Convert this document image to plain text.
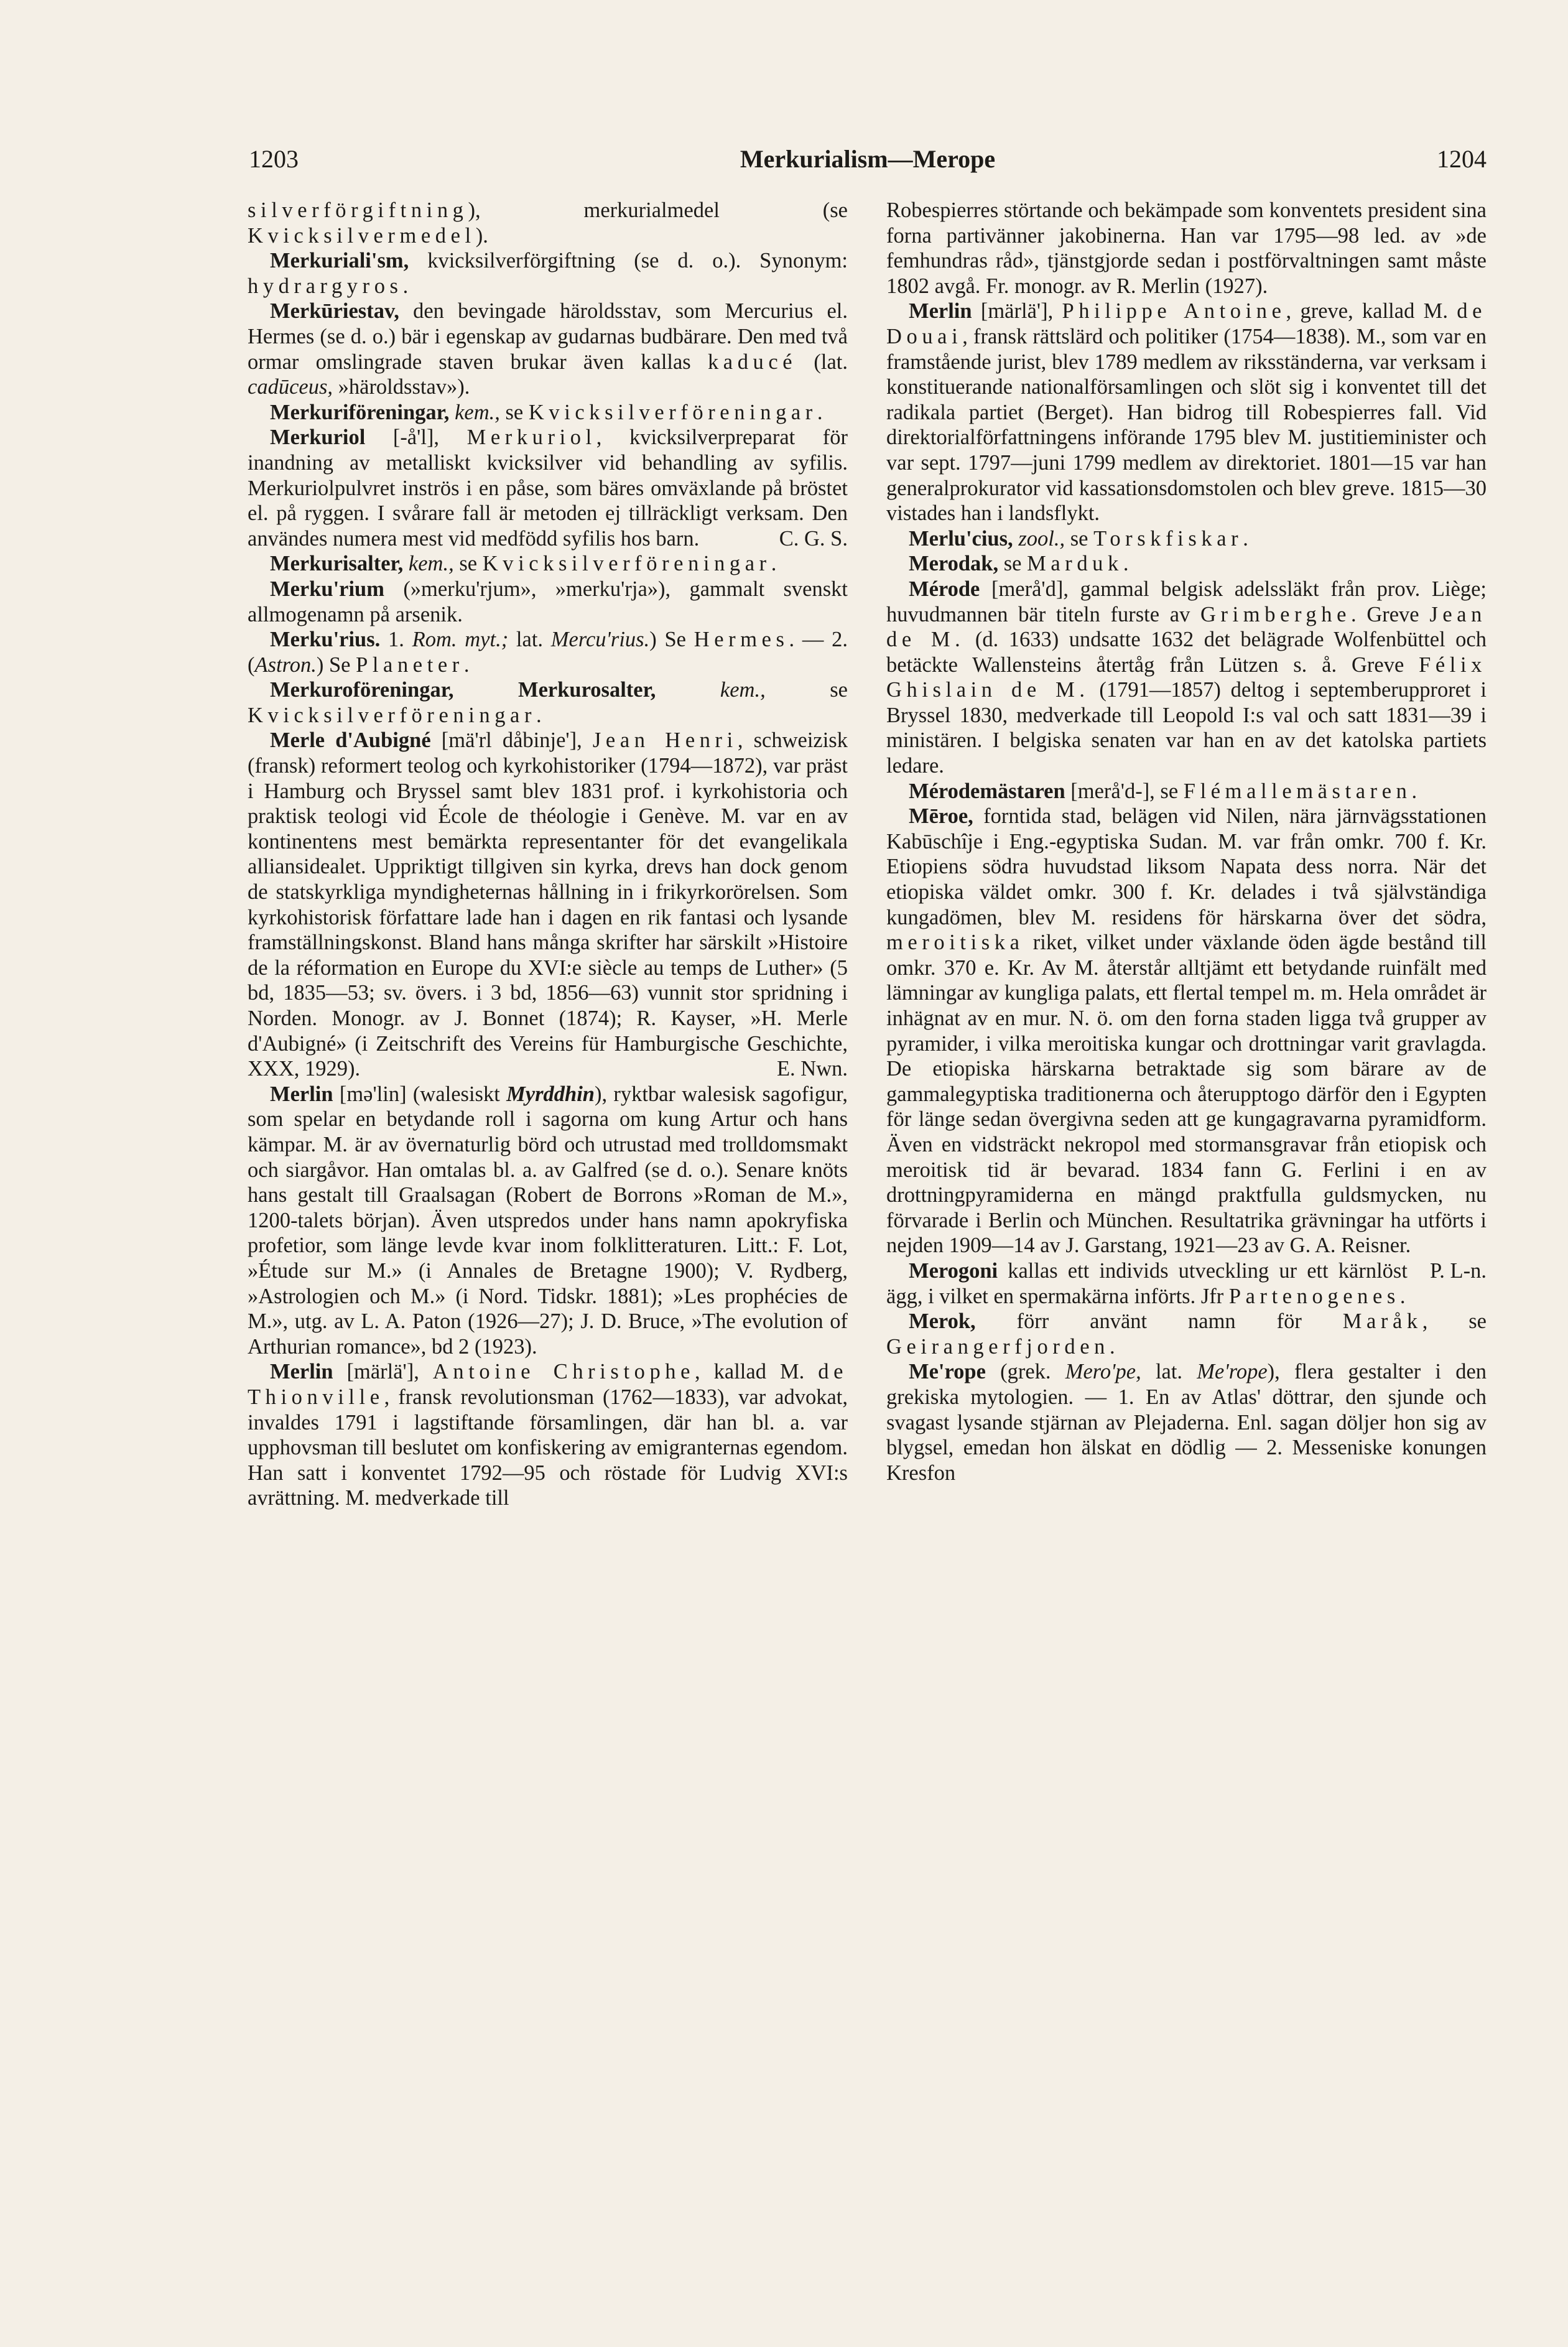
1203	Merkurialism—Merope	1204

silverförgiftning), merkurialmedel (se Kvicksilvermedel).

Merkuriali'sm, kvicksilverförgiftning (se d. o.). Synonym: hydrargyros.

Merkūriestav, den bevingade häroldsstav, som Mercurius el. Hermes (se d. o.) bär i egenskap av gudarnas budbärare. Den med två ormar omslingrade staven brukar även kallas kaducé (lat. cadūceus, »häroldsstav»).

Merkuriföreningar, kem., se Kvicksilverföreningar.

Merkuriol [-å'l], Merkuriol, kvicksilverpreparat för inandning av metalliskt kvicksilver vid behandling av syfilis. Merkuriolpulvret inströs i en påse, som bäres omväxlande på bröstet el. på ryggen. I svårare fall är metoden ej tillräckligt verksam. Den användes numera mest vid medfödd syfilis hos barn.	C. G. S.

Merkurisalter, kem., se Kvicksilverföreningar.

Merku'rium (»merku'rjum», »merku'rja»), gammalt svenskt allmogenamn på arsenik.

Merku'rius. 1. Rom. myt.; lat. Mercu'rius.) Se Hermes. — 2. (Astron.) Se Planeter.

Merkuroföreningar, Merkurosalter,	kem., se Kvicksilverföreningar.

Merle d'Aubigné [mä'rl dåbinje'], Jean Henri, schweizisk (fransk) reformert teolog och kyrkohistoriker (1794—1872), var präst i Hamburg och Bryssel samt blev 1831 prof. i kyrkohistoria och praktisk teologi vid École de théologie i Genève. M. var en av kontinentens mest bemärkta representanter för det evangelikala alliansidealet. Uppriktigt tillgiven sin kyrka, drevs han dock genom de statskyrkliga myndigheternas hållning in i frikyrkorörelsen. Som kyrkohistorisk författare lade han i dagen en rik fantasi och lysande framställningskonst. Bland hans många skrifter har särskilt »Histoire de la réformation en Europe du XVI:e siècle au temps de Luther» (5 bd, 1835—53; sv. övers. i 3 bd, 1856—63) vunnit stor spridning i Norden. Monogr. av J. Bonnet (1874); R. Kayser, »H. Merle d'Aubigné» (i Zeitschrift des Vereins für Hamburgische Geschichte, XXX, 1929).	E. Nwn.

Merlin [mə'lin] (walesiskt Myrddhin), ryktbar walesisk sagofigur, som spelar en betydande roll i sagorna om kung Artur och hans kämpar. M. är av övernaturlig börd och utrustad med trolldomsmakt och siargåvor. Han omtalas bl. a. av Galfred (se d. o.). Senare knöts hans gestalt till Graalsagan (Robert de Borrons »Roman de M.», 1200-talets början). Även utspredos under hans namn apokryfiska profetior, som länge levde kvar inom folklitteraturen. Litt.: F. Lot, »Étude sur M.» (i Annales de Bretagne 1900); V. Rydberg, »Astrologien och M.» (i Nord. Tidskr. 1881); »Les prophécies de M.», utg. av L. A. Paton (1926—27); J. D. Bruce, »The evolution of Arthurian romance», bd 2 (1923).

Merlin [märlä'], Antoine Christophe, kallad M. de Thionville, fransk revolutionsman (1762—1833), var advokat, invaldes 1791 i lagstiftande församlingen, där han bl. a. var upphovsman till beslutet om konfiskering av emigranternas egendom. Han satt i konventet 1792—95 och röstade för Ludvig XVI:s avrättning. M. medverkade till

Robespierres störtande och bekämpade som konventets president sina forna partivänner jakobinerna. Han var 1795—98 led. av »de femhundras råd», tjänstgjorde sedan i postförvaltningen samt måste 1802 avgå. Fr. monogr. av R. Merlin (1927).

Merlin [märlä'], Philippe Antoine, greve, kallad M. de Douai, fransk rättslärd och politiker (1754—1838). M., som var en framstående jurist, blev 1789 medlem av riksständerna, var verksam i konstituerande nationalförsamlingen och slöt sig i konventet till det radikala partiet (Berget). Han bidrog till Robespierres fall. Vid direktorialförfattningens införande 1795 blev M. justitieminister och var sept. 1797—juni 1799 medlem av direktoriet. 1801—15 var han generalprokurator vid kassationsdomstolen och blev greve. 1815—30 vistades han i landsflykt.

Merlu'cius, zool., se Torskfiskar.

Merodak, se Marduk.

Mérode [merå'd], gammal belgisk adelssläkt från prov. Liège; huvudmannen bär titeln furste av Grimberghe. Greve Jean de M. (d. 1633) undsatte 1632 det belägrade Wolfenbüttel och betäckte Wallensteins återtåg från Lützen s. å. Greve Félix Ghislain de M. (1791—1857) deltog i septemberupproret i Bryssel 1830, medverkade till Leopold I:s val och satt 1831—39 i ministären. I belgiska senaten var han en av det katolska partiets ledare.

Mérodemästaren [merå'd-], se Flémallemästaren.

Mēroe, forntida stad, belägen vid Nilen, nära järnvägsstationen Kabūschîje i Eng.-egyptiska Sudan. M. var från omkr. 700 f. Kr. Etiopiens södra huvudstad liksom Napata dess norra. När det etiopiska väldet omkr. 300 f. Kr. delades i två självständiga kungadömen, blev M. residens för härskarna över det södra, meroitiska riket, vilket under växlande öden ägde bestånd till omkr. 370 e. Kr. Av M. återstår alltjämt ett betydande ruinfält med lämningar av kungliga palats, ett flertal tempel m. m. Hela området är inhägnat av en mur. N. ö. om den forna staden ligga två grupper av pyramider, i vilka meroitiska kungar och drottningar varit gravlagda. De etiopiska härskarna betraktade sig som bärare av de gammalegyptiska traditionerna och återupptogo därför den i Egypten för länge sedan övergivna seden att ge kungagravarna pyramidform. Även en vidsträckt nekropol med stormansgravar från etiopisk och meroitisk tid är bevarad. 1834 fann G. Ferlini i en av drottningpyramiderna en mängd praktfulla guldsmycken, nu förvarade i Berlin och München. Resultatrika grävningar ha utförts i nejden 1909—14 av J. Garstang, 1921—23 av G. A. Reisner.
P. L-n.

Merogoni kallas ett individs utveckling ur ett kärnlöst ägg, i vilket en spermakärna införts. Jfr Partenogenes.

Merok, förr använt namn för Maråk, se Geirangerfjorden.

Me'rope (grek. Mero'pe, lat. Me'rope), flera gestalter i den grekiska mytologien. — 1. En av Atlas' döttrar, den sjunde och svagast lysande stjärnan av Plejaderna. Enl. sagan döljer hon sig av blygsel, emedan hon älskat en dödlig — 2. Messeniske konungen Kresfon
